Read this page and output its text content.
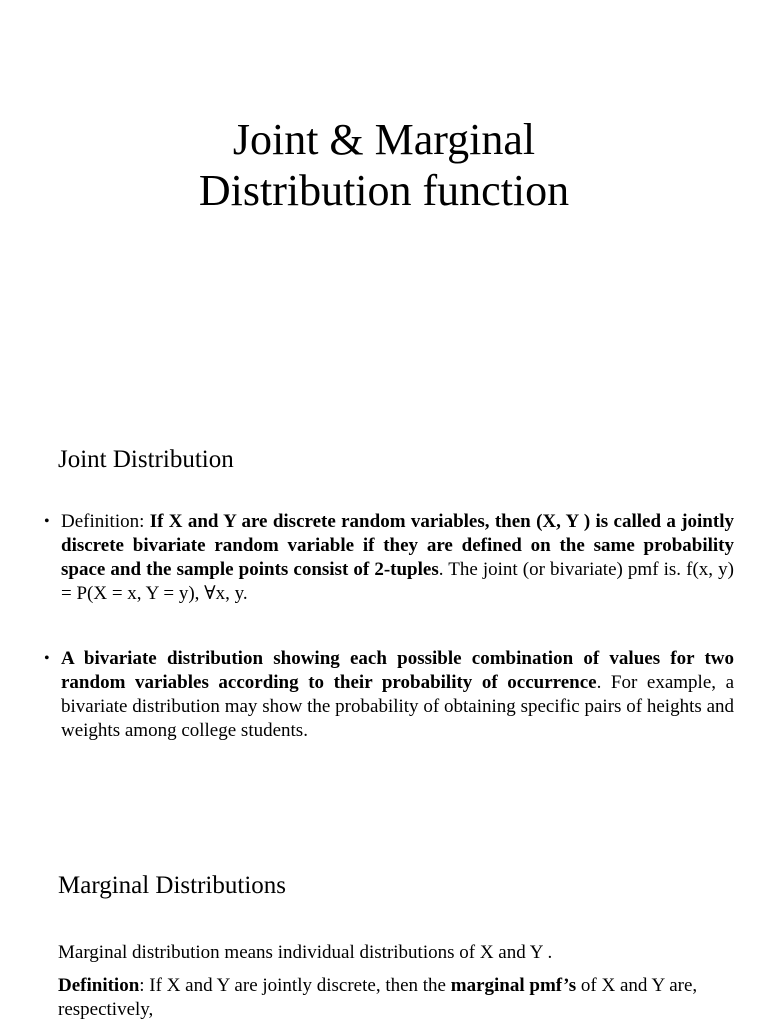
Joint & Marginal
Distribution function
Joint Distribution
• Definition: If X and Y are discrete random variables, then (X, Y ) is called a jointly discrete bivariate random variable if they are defined on the same probability space and the sample points consist of 2-tuples. The joint (or bivariate) pmf is. f(x, y) = P(X = x, Y = y), ∀x, y.
• A bivariate distribution showing each possible combination of values for two random variables according to their probability of occurrence. For example, a bivariate distribution may show the probability of obtaining specific pairs of heights and weights among college students.
Marginal Distributions
Marginal distribution means individual distributions of X and Y .
Definition: If X and Y are jointly discrete, then the marginal pmf’s of X and Y are, respectively,
